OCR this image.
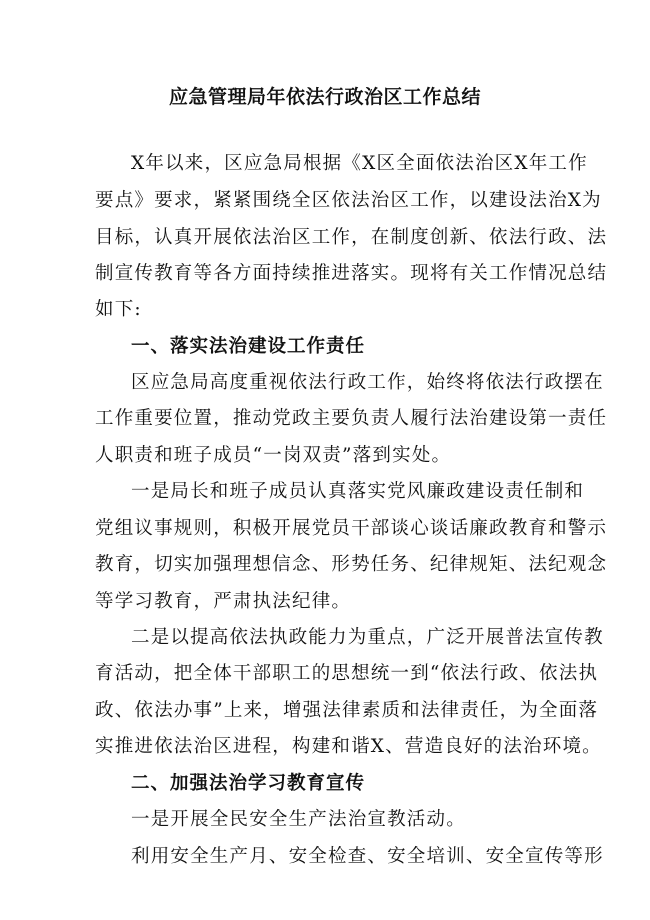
应急管理局年依法行政治区工作总结
X年以来，区应急局根据《X区全面依法治区X年工作
要点》要求，紧紧围绕全区依法治区工作，以建设法治X为
目标，认真开展依法治区工作，在制度创新、依法行政、法
制宣传教育等各方面持续推进落实。现将有关工作情况总结
如下:
一、落实法治建设工作责任
区应急局高度重视依法行政工作，始终将依法行政摆在
工作重要位置，推动党政主要负责人履行法治建设第一责任
人职责和班子成员“一岗双责”落到实处。
一是局长和班子成员认真落实党风廉政建设责任制和
党组议事规则，积极开展党员干部谈心谈话廉政教育和警示
教育，切实加强理想信念、形势任务、纪律规矩、法纪观念
等学习教育，严肃执法纪律。
二是以提高依法执政能力为重点，广泛开展普法宣传教
育活动，把全体干部职工的思想统一到“依法行政、依法执
政、依法办事”上来，增强法律素质和法律责任，为全面落
实推进依法治区进程，构建和谐X、营造良好的法治环境。
二、加强法治学习教育宣传
一是开展全民安全生产法治宣教活动。
利用安全生产月、安全检查、安全培训、安全宣传等形
